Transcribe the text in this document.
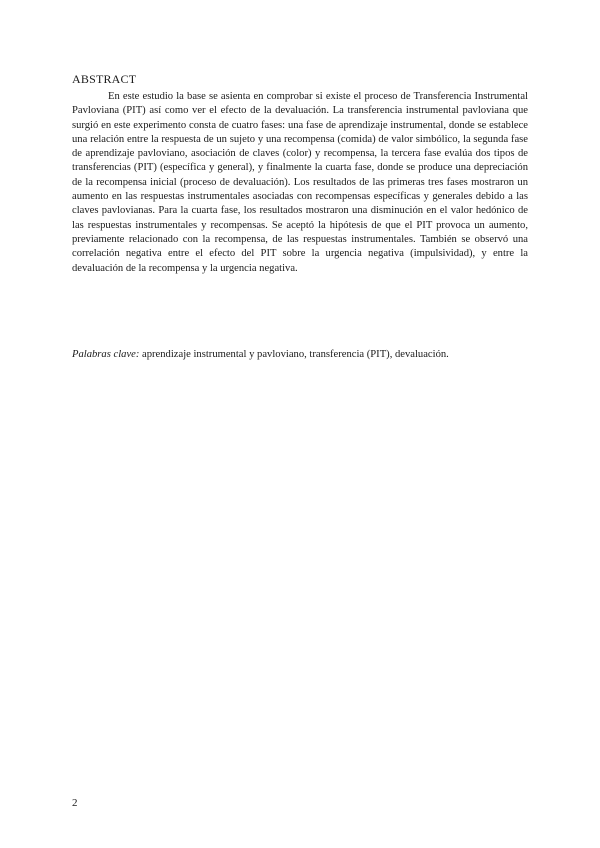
ABSTRACT

En este estudio la base se asienta en comprobar si existe el proceso de Transferencia Instrumental Pavloviana (PIT) así como ver el efecto de la devaluación. La transferencia instrumental pavloviana que surgió en este experimento consta de cuatro fases: una fase de aprendizaje instrumental, donde se establece una relación entre la respuesta de un sujeto y una recompensa (comida) de valor simbólico, la segunda fase de aprendizaje pavloviano, asociación de claves (color) y recompensa, la tercera fase evalúa dos tipos de transferencias (PIT) (específica y general), y finalmente la cuarta fase, donde se produce una depreciación de la recompensa inicial (proceso de devaluación). Los resultados de las primeras tres fases mostraron un aumento en las respuestas instrumentales asociadas con recompensas específicas y generales debido a las claves pavlovianas. Para la cuarta fase, los resultados mostraron una disminución en el valor hedónico de las respuestas instrumentales y recompensas. Se aceptó la hipótesis de que el PIT provoca un aumento, previamente relacionado con la recompensa, de las respuestas instrumentales. También se observó una correlación negativa entre el efecto del PIT sobre la urgencia negativa (impulsividad), y entre la devaluación de la recompensa y la urgencia negativa.

Palabras clave: aprendizaje instrumental y pavloviano, transferencia (PIT), devaluación.

2
